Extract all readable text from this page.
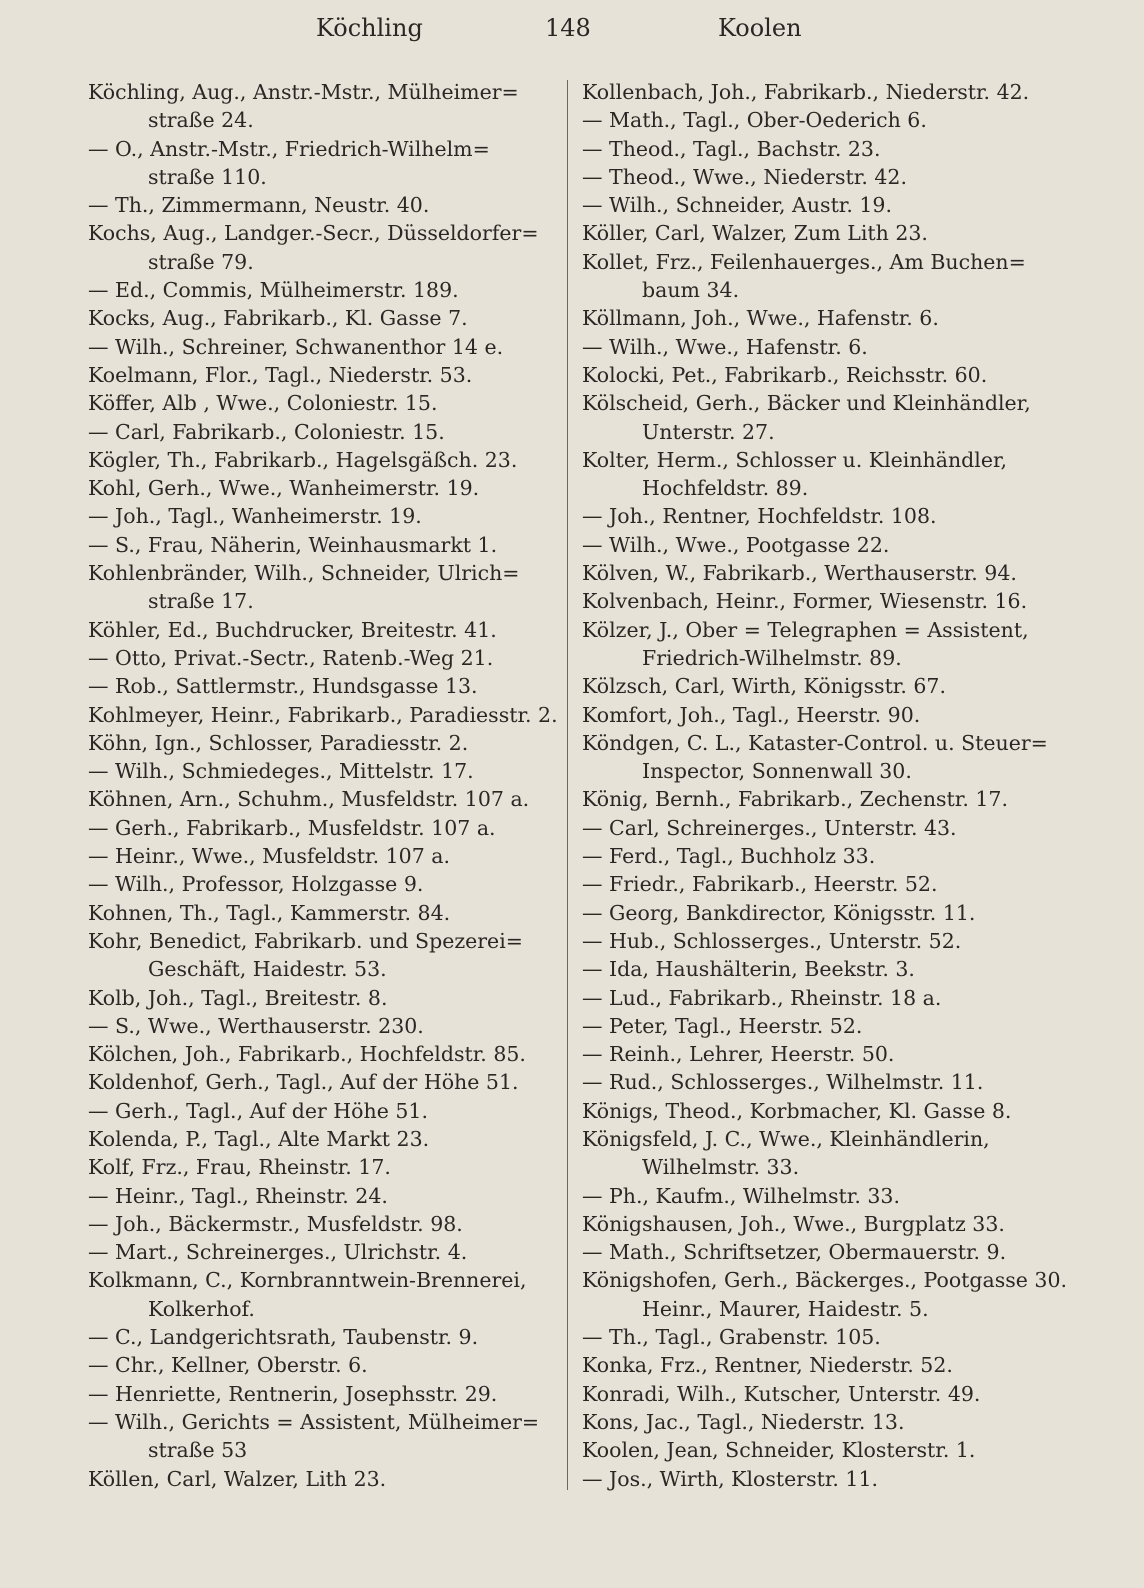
Köchling	148	Koolen
Köchling, Aug., Anstr.-Mstr., Mülheimer=
straße 24.
— O., Anstr.-Mstr., Friedrich-Wilhelm=
straße 110.
— Th., Zimmermann, Neustr. 40.
Kochs, Aug., Landger.-Secr., Düsseldorfer=
straße 79.
— Ed., Commis, Mülheimerstr. 189.
Kocks, Aug., Fabrikarb., Kl. Gasse 7.
— Wilh., Schreiner, Schwanenthor 14 e.
Koelmann, Flor., Tagl., Niederstr. 53.
Köffer, Alb , Wwe., Coloniestr. 15.
— Carl, Fabrikarb., Coloniestr. 15.
Kögler, Th., Fabrikarb., Hagelsgäßch. 23.
Kohl, Gerh., Wwe., Wanheimerstr. 19.
— Joh., Tagl., Wanheimerstr. 19.
— S., Frau, Näherin, Weinhausmarkt 1.
Kohlenbränder, Wilh., Schneider, Ulrich=
straße 17.
Köhler, Ed., Buchdrucker, Breitestr. 41.
— Otto, Privat.-Sectr., Ratenb.-Weg 21.
— Rob., Sattlermstr., Hundsgasse 13.
Kohlmeyer, Heinr., Fabrikarb., Paradiesstr. 2.
Köhn, Ign., Schlosser, Paradiesstr. 2.
— Wilh., Schmiedeges., Mittelstr. 17.
Köhnen, Arn., Schuhm., Musfeldstr. 107 a.
— Gerh., Fabrikarb., Musfeldstr. 107 a.
— Heinr., Wwe., Musfeldstr. 107 a.
— Wilh., Professor, Holzgasse 9.
Kohnen, Th., Tagl., Kammerstr. 84.
Kohr, Benedict, Fabrikarb. und Spezerei=
Geschäft, Haidestr. 53.
Kolb, Joh., Tagl., Breitestr. 8.
— S., Wwe., Werthauserstr. 230.
Kölchen, Joh., Fabrikarb., Hochfeldstr. 85.
Koldenhof, Gerh., Tagl., Auf der Höhe 51.
— Gerh., Tagl., Auf der Höhe 51.
Kolenda, P., Tagl., Alte Markt 23.
Kolf, Frz., Frau, Rheinstr. 17.
— Heinr., Tagl., Rheinstr. 24.
— Joh., Bäckermstr., Musfeldstr. 98.
— Mart., Schreinerges., Ulrichstr. 4.
Kolkmann, C., Kornbranntwein-Brennerei,
Kolkerhof.
— C., Landgerichtsrath, Taubenstr. 9.
— Chr., Kellner, Oberstr. 6.
— Henriette, Rentnerin, Josephsstr. 29.
— Wilh., Gerichts = Assistent, Mülheimer=
straße 53
Köllen, Carl, Walzer, Lith 23.
Kollenbach, Joh., Fabrikarb., Niederstr. 42.
— Math., Tagl., Ober-Oederich 6.
— Theod., Tagl., Bachstr. 23.
— Theod., Wwe., Niederstr. 42.
— Wilh., Schneider, Austr. 19.
Köller, Carl, Walzer, Zum Lith 23.
Kollet, Frz., Feilenhauerges., Am Buchen=
baum 34.
Köllmann, Joh., Wwe., Hafenstr. 6.
— Wilh., Wwe., Hafenstr. 6.
Kolocki, Pet., Fabrikarb., Reichsstr. 60.
Kölscheid, Gerh., Bäcker und Kleinhändler,
Unterstr. 27.
Kolter, Herm., Schlosser u. Kleinhändler,
Hochfeldstr. 89.
— Joh., Rentner, Hochfeldstr. 108.
— Wilh., Wwe., Pootgasse 22.
Kölven, W., Fabrikarb., Werthauserstr. 94.
Kolvenbach, Heinr., Former, Wiesenstr. 16.
Kölzer, J., Ober = Telegraphen = Assistent,
Friedrich-Wilhelmstr. 89.
Kölzsch, Carl, Wirth, Königsstr. 67.
Komfort, Joh., Tagl., Heerstr. 90.
Köndgen, C. L., Kataster-Control. u. Steuer=
Inspector, Sonnenwall 30.
König, Bernh., Fabrikarb., Zechenstr. 17.
— Carl, Schreinerges., Unterstr. 43.
— Ferd., Tagl., Buchholz 33.
— Friedr., Fabrikarb., Heerstr. 52.
— Georg, Bankdirector, Königsstr. 11.
— Hub., Schlosserges., Unterstr. 52.
— Ida, Haushälterin, Beekstr. 3.
— Lud., Fabrikarb., Rheinstr. 18 a.
— Peter, Tagl., Heerstr. 52.
— Reinh., Lehrer, Heerstr. 50.
— Rud., Schlosserges., Wilhelmstr. 11.
Königs, Theod., Korbmacher, Kl. Gasse 8.
Königsfeld, J. C., Wwe., Kleinhändlerin,
Wilhelmstr. 33.
— Ph., Kaufm., Wilhelmstr. 33.
Königshausen, Joh., Wwe., Burgplatz 33.
— Math., Schriftsetzer, Obermauerstr. 9.
Königshofen, Gerh., Bäckerges., Pootgasse 30.
Heinr., Maurer, Haidestr. 5.
— Th., Tagl., Grabenstr. 105.
Konka, Frz., Rentner, Niederstr. 52.
Konradi, Wilh., Kutscher, Unterstr. 49.
Kons, Jac., Tagl., Niederstr. 13.
Koolen, Jean, Schneider, Klosterstr. 1.
— Jos., Wirth, Klosterstr. 11.
